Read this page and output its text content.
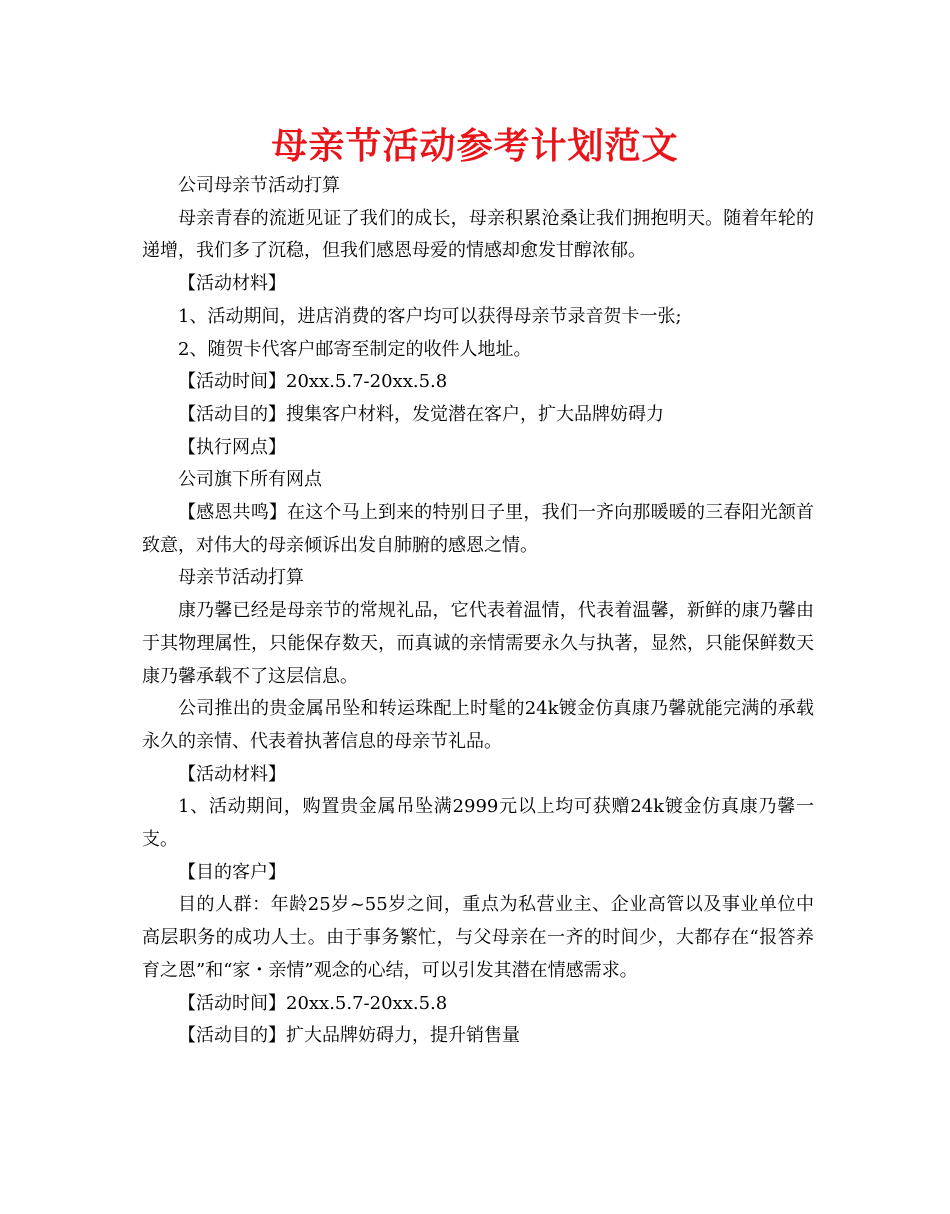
母亲节活动参考计划范文

公司母亲节活动打算

母亲青春的流逝见证了我们的成长，母亲积累沧桑让我们拥抱明天。随着年轮的递增，我们多了沉稳，但我们感恩母爱的情感却愈发甘醇浓郁。

【活动材料】

1、活动期间，进店消费的客户均可以获得母亲节录音贺卡一张;

2、随贺卡代客户邮寄至制定的收件人地址。

【活动时间】20xx.5.7-20xx.5.8

【活动目的】搜集客户材料，发觉潜在客户，扩大品牌妨碍力

【执行网点】

公司旗下所有网点

【感恩共鸣】在这个马上到来的特别日子里，我们一齐向那暖暖的三春阳光颔首致意，对伟大的母亲倾诉出发自肺腑的感恩之情。

母亲节活动打算

康乃馨已经是母亲节的常规礼品，它代表着温情，代表着温馨，新鲜的康乃馨由于其物理属性，只能保存数天，而真诚的亲情需要永久与执著，显然，只能保鲜数天康乃馨承载不了这层信息。

公司推出的贵金属吊坠和转运珠配上时髦的24k镀金仿真康乃馨就能完满的承载永久的亲情、代表着执著信息的母亲节礼品。

【活动材料】

1、活动期间，购置贵金属吊坠满2999元以上均可获赠24k镀金仿真康乃馨一支。

【目的客户】

目的人群：年龄25岁~55岁之间，重点为私营业主、企业高管以及事业单位中高层职务的成功人士。由于事务繁忙，与父母亲在一齐的时间少，大都存在“报答养育之恩”和“家・亲情”观念的心结，可以引发其潜在情感需求。

【活动时间】20xx.5.7-20xx.5.8

【活动目的】扩大品牌妨碍力，提升销售量
